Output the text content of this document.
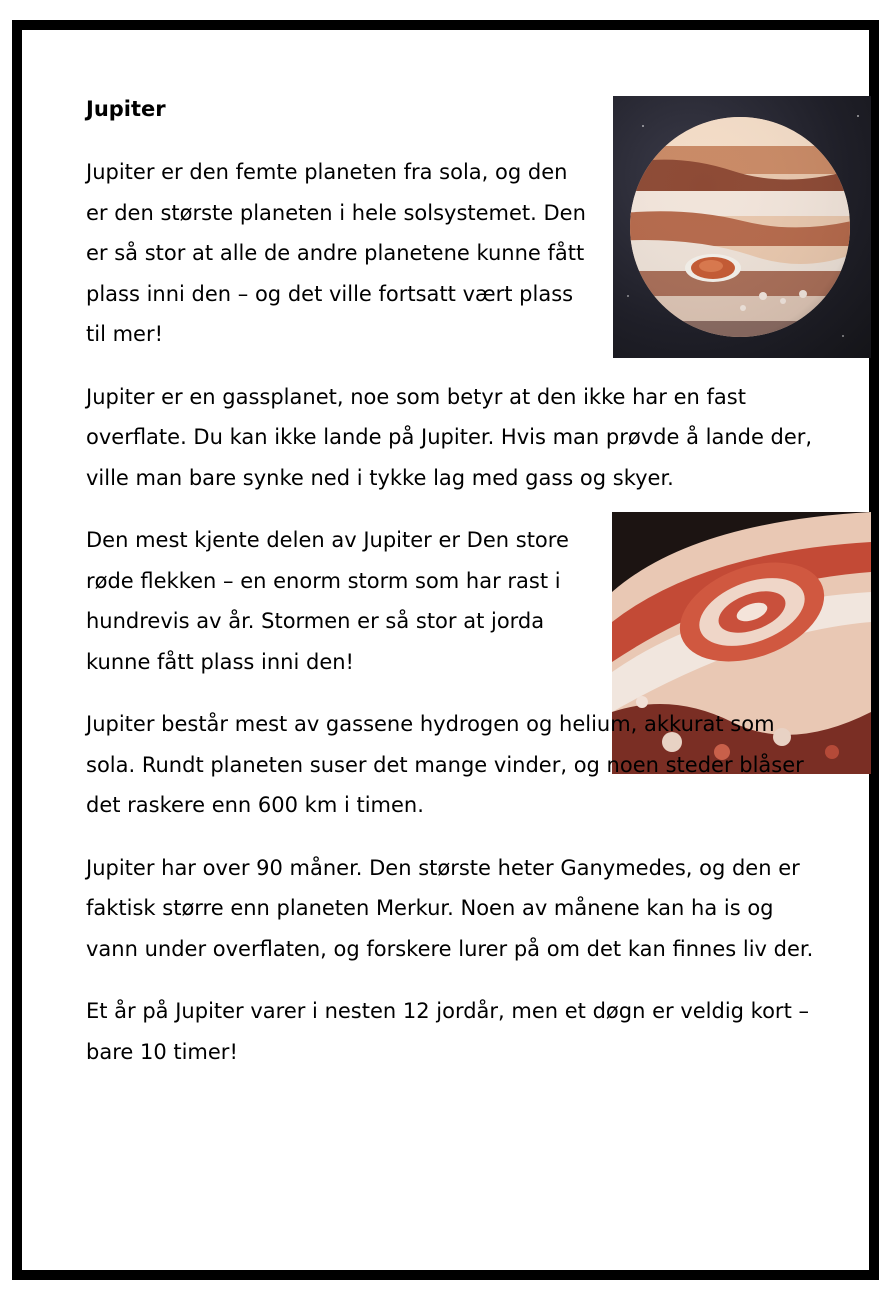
Jupiter

Jupiter er den femte planeten fra sola, og den er den største planeten i hele solsystemet. Den er så stor at alle de andre planetene kunne fått plass inni den – og det ville fortsatt vært plass til mer!

Jupiter er en gassplanet, noe som betyr at den ikke har en fast overflate. Du kan ikke lande på Jupiter. Hvis man prøvde å lande der, ville man bare synke ned i tykke lag med gass og skyer.

Den mest kjente delen av Jupiter er Den store røde flekken – en enorm storm som har rast i hundrevis av år. Stormen er så stor at jorda kunne fått plass inni den!

Jupiter består mest av gassene hydrogen og helium, akkurat som sola. Rundt planeten suser det mange vinder, og noen steder blåser det raskere enn 600 km i timen.

Jupiter har over 90 måner. Den største heter Ganymedes, og den er faktisk større enn planeten Merkur. Noen av månene kan ha is og vann under overflaten, og forskere lurer på om det kan finnes liv der.

Et år på Jupiter varer i nesten 12 jordår, men et døgn er veldig kort – bare 10 timer!
